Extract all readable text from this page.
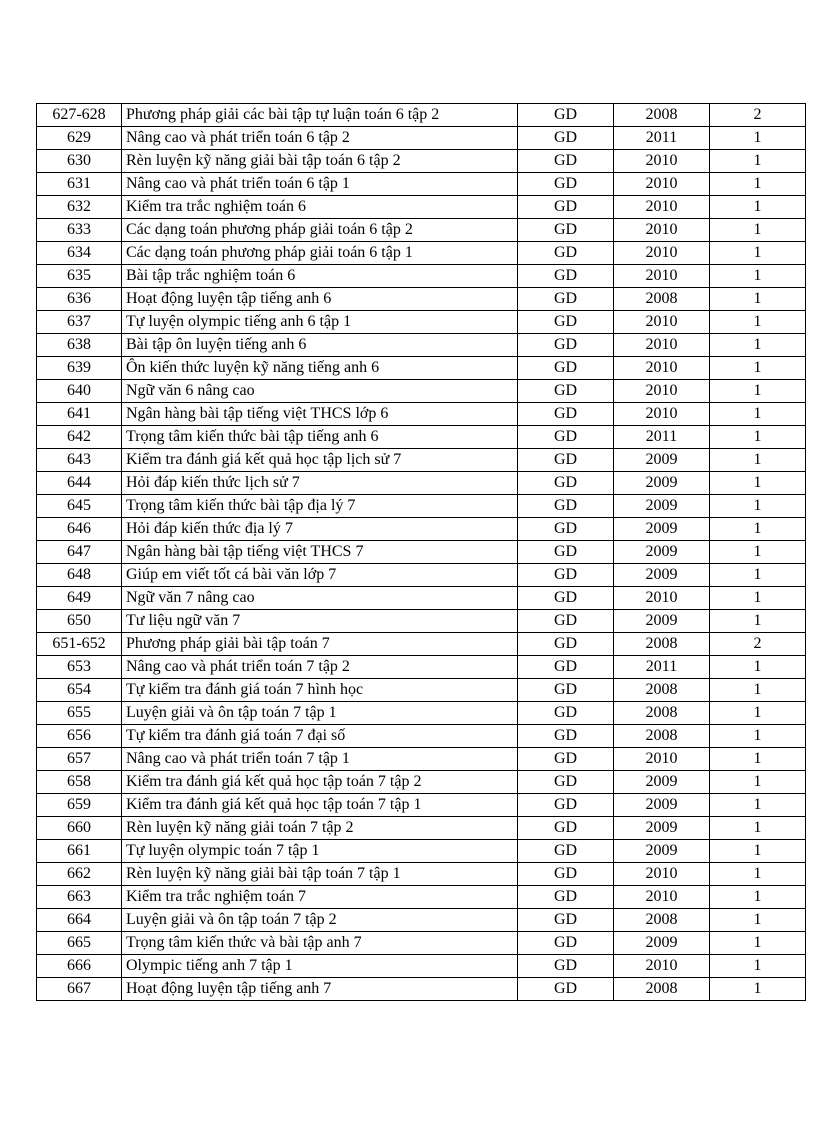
627-628	Phương pháp giải các bài tập tự luận toán 6 tập 2	GD	2008	2
629	Nâng cao và phát triển toán 6 tập 2	GD	2011	1
630	Rèn luyện kỹ năng giải bài tập toán 6 tập 2	GD	2010	1
631	Nâng cao và phát triển toán 6 tập 1	GD	2010	1
632	Kiểm tra trắc nghiệm toán 6	GD	2010	1
633	Các dạng toán phương pháp giải toán 6 tập 2	GD	2010	1
634	Các dạng toán phương pháp giải toán 6 tập 1	GD	2010	1
635	Bài tập trắc nghiệm toán 6	GD	2010	1
636	Hoạt động luyện tập tiếng anh 6	GD	2008	1
637	Tự luyện olympic tiếng anh 6 tập 1	GD	2010	1
638	Bài tập ôn luyện tiếng anh 6	GD	2010	1
639	Ôn kiến thức luyện kỹ năng tiếng anh 6	GD	2010	1
640	Ngữ văn 6 nâng cao	GD	2010	1
641	Ngân hàng bài tập tiếng việt THCS lớp 6	GD	2010	1
642	Trọng tâm kiến thức bài tập tiếng anh 6	GD	2011	1
643	Kiểm tra đánh giá kết quả học tập lịch sử 7	GD	2009	1
644	Hỏi đáp kiến thức lịch sử 7	GD	2009	1
645	Trọng tâm kiến thức bài tập địa lý 7	GD	2009	1
646	Hỏi đáp kiến thức địa lý 7	GD	2009	1
647	Ngân hàng bài tập tiếng việt THCS 7	GD	2009	1
648	Giúp em viết tốt cá bài văn lớp 7	GD	2009	1
649	Ngữ văn 7 nâng cao	GD	2010	1
650	Tư liệu ngữ văn 7	GD	2009	1
651-652	Phương pháp giải bài tập toán 7	GD	2008	2
653	Nâng cao và phát triển toán 7 tập 2	GD	2011	1
654	Tự kiểm tra đánh giá toán 7 hình học	GD	2008	1
655	Luyện giải và ôn tập toán 7 tập 1	GD	2008	1
656	Tự kiểm tra đánh giá toán 7 đại số	GD	2008	1
657	Nâng cao và phát triển toán 7 tập 1	GD	2010	1
658	Kiểm tra đánh giá kết quả học tập toán 7 tập 2	GD	2009	1
659	Kiểm tra đánh giá kết quả học tập toán 7 tập 1	GD	2009	1
660	Rèn luyện kỹ năng giải toán 7 tập 2	GD	2009	1
661	Tự luyện olympic toán 7 tập 1	GD	2009	1
662	Rèn luyện kỹ năng giải bài tập toán 7 tập 1	GD	2010	1
663	Kiểm tra trắc nghiệm toán 7	GD	2010	1
664	Luyện giải và ôn tập toán 7 tập 2	GD	2008	1
665	Trọng tâm kiến thức và bài tập anh 7	GD	2009	1
666	Olympic tiếng anh 7 tập 1	GD	2010	1
667	Hoạt động luyện tập tiếng anh 7	GD	2008	1
